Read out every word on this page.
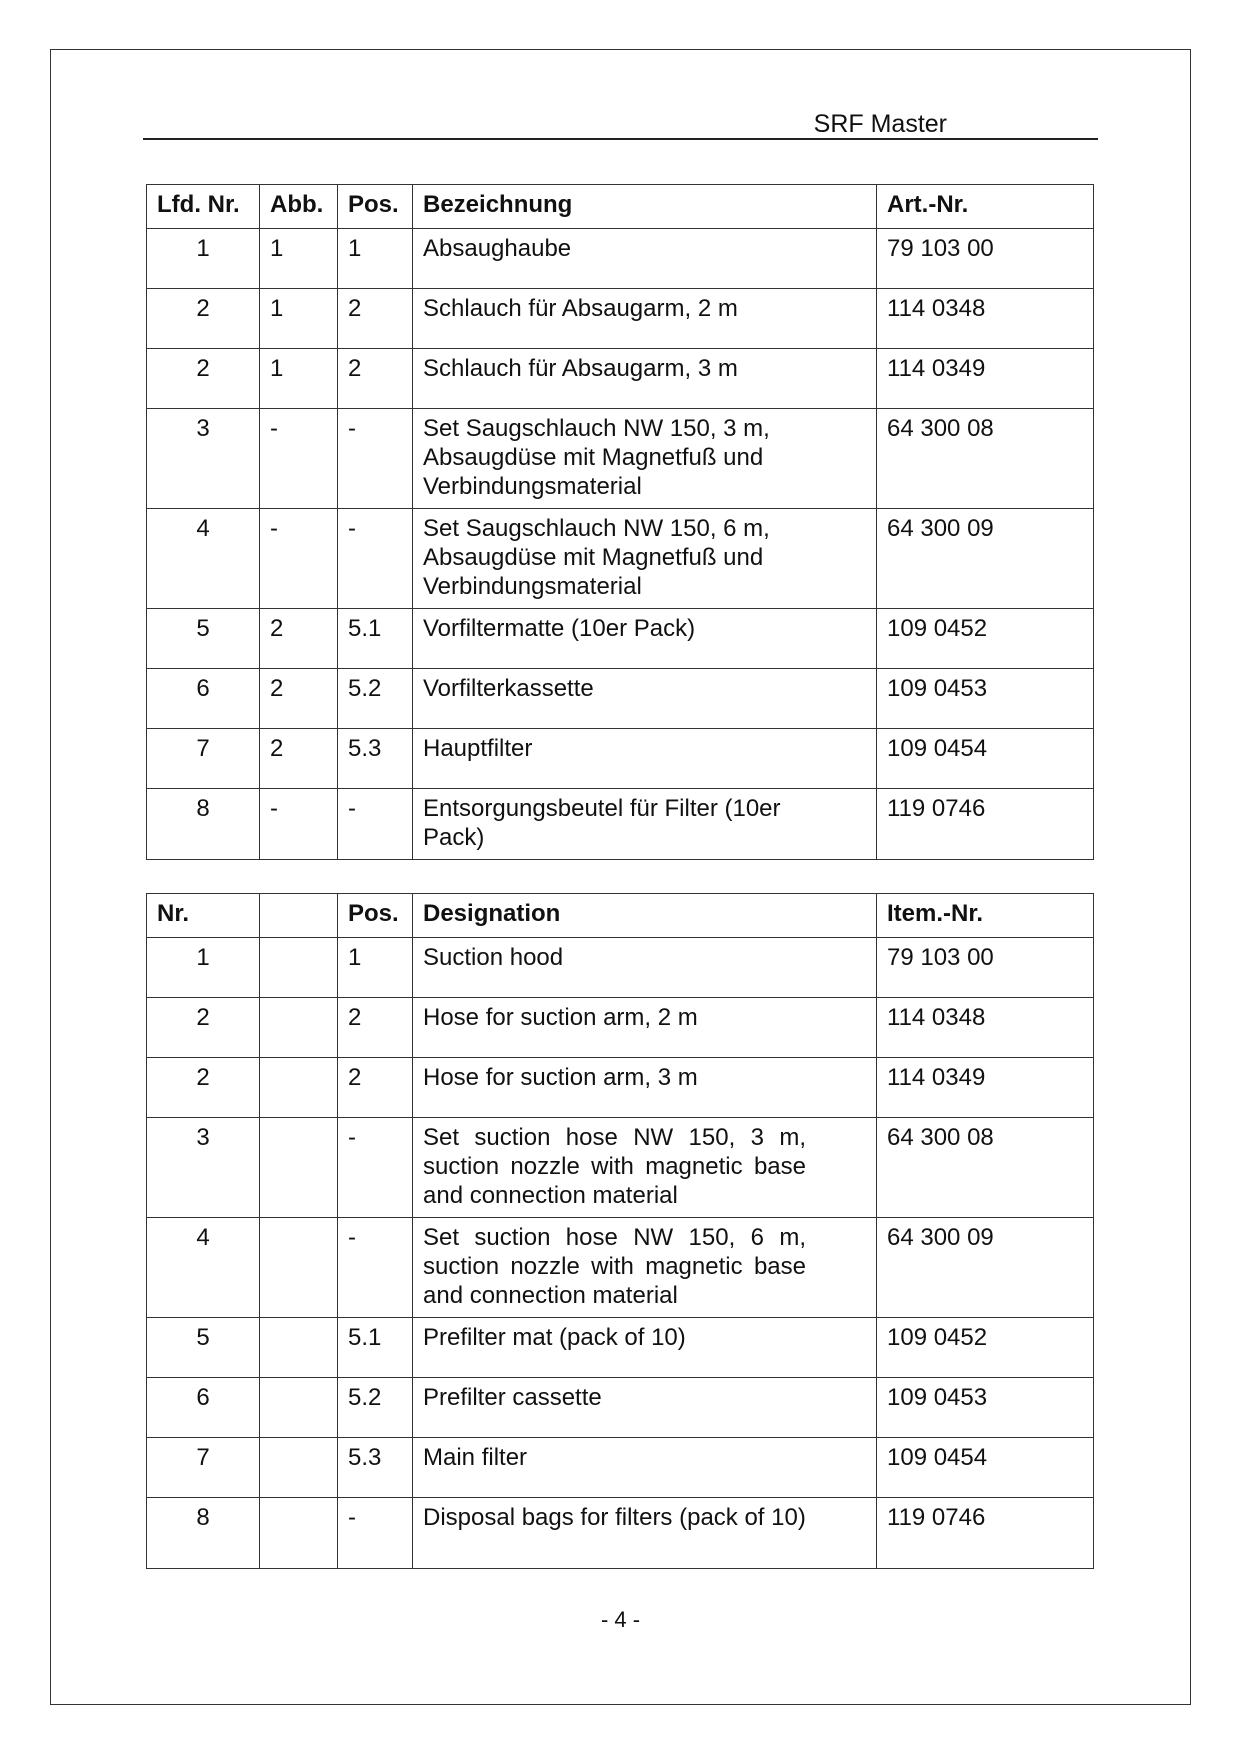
SRF Master
Lfd. Nr.	Abb.	Pos.	Bezeichnung	Art.-Nr.
1	1	1	Absaughaube	79 103 00
2	1	2	Schlauch für Absaugarm, 2 m	114 0348
2	1	2	Schlauch für Absaugarm, 3 m	114 0349
3	-	-	Set Saugschlauch NW 150, 3 m, Absaugdüse mit Magnetfuß und Verbindungsmaterial	64 300 08
4	-	-	Set Saugschlauch NW 150, 6 m, Absaugdüse mit Magnetfuß und Verbindungsmaterial	64 300 09
5	2	5.1	Vorfiltermatte (10er Pack)	109 0452
6	2	5.2	Vorfilterkassette	109 0453
7	2	5.3	Hauptfilter	109 0454
8	-	-	Entsorgungsbeutel für Filter (10er Pack)	119 0746
Nr.		Pos.	Designation	Item.-Nr.
1		1	Suction hood	79 103 00
2		2	Hose for suction arm, 2 m	114 0348
2		2	Hose for suction arm, 3 m	114 0349
3		-	Set suction hose NW 150, 3 m, suction nozzle with magnetic base and connection material	64 300 08
4		-	Set suction hose NW 150, 6 m, suction nozzle with magnetic base and connection material	64 300 09
5		5.1	Prefilter mat (pack of 10)	109 0452
6		5.2	Prefilter cassette	109 0453
7		5.3	Main filter	109 0454
8		-	Disposal bags for filters (pack of 10)	119 0746
- 4 -
